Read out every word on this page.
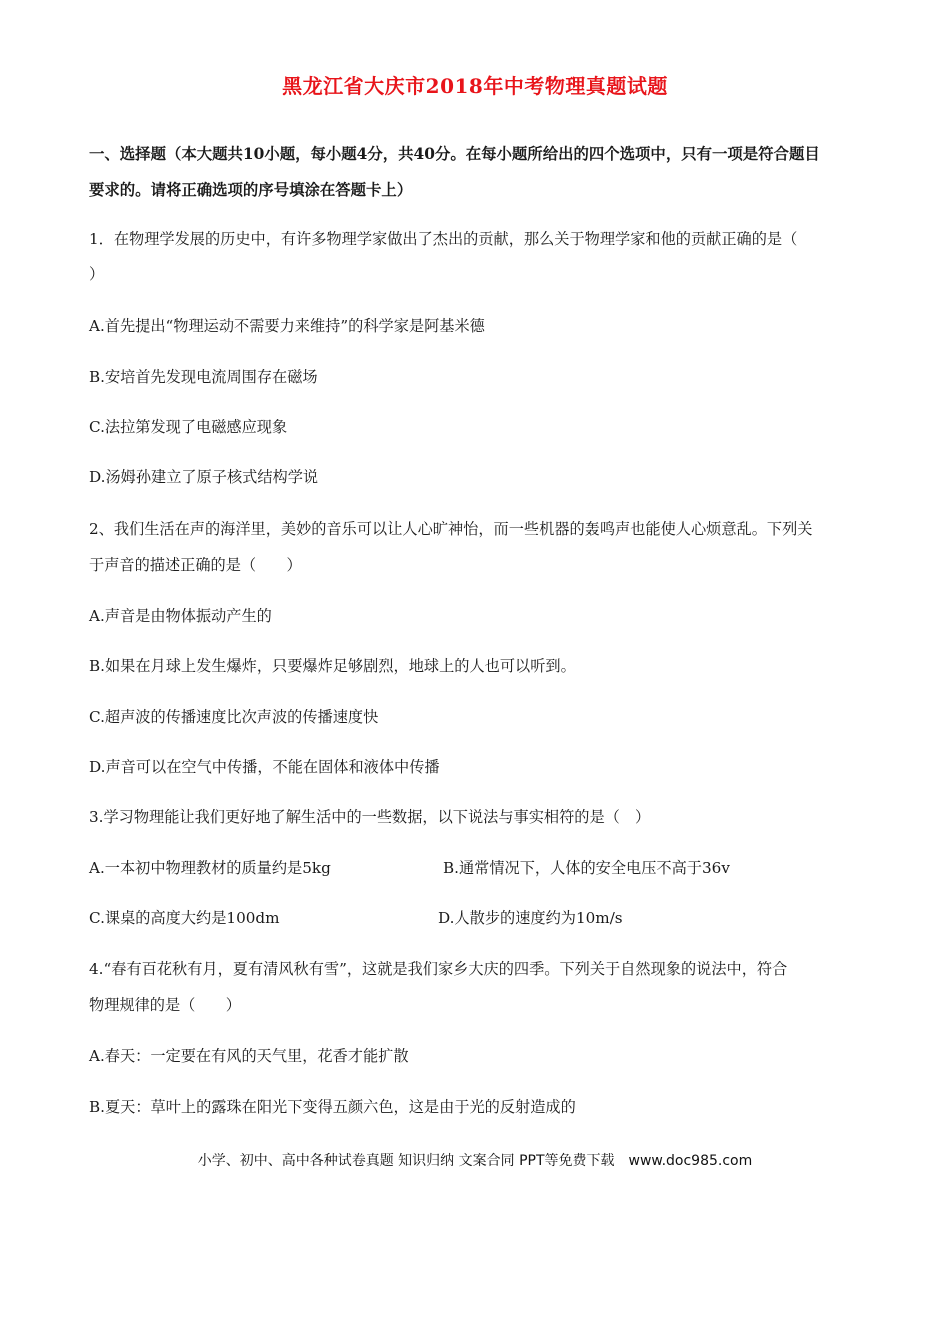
黑龙江省大庆市2018年中考物理真题试题
一、选择题（本大题共10小题，每小题4分，共40分。在每小题所给出的四个选项中，只有一项是符合题目
要求的。请将正确选项的序号填涂在答题卡上）
1．在物理学发展的历史中，有许多物理学家做出了杰出的贡献，那么关于物理学家和他的贡献正确的是（
）
A.首先提出“物理运动不需要力来维持”的科学家是阿基米德
B.安培首先发现电流周围存在磁场
C.法拉第发现了电磁感应现象
D.汤姆孙建立了原子核式结构学说
2、我们生活在声的海洋里，美妙的音乐可以让人心旷神怡，而一些机器的轰鸣声也能使人心烦意乱。下列关
于声音的描述正确的是（　　）
A.声音是由物体振动产生的
B.如果在月球上发生爆炸，只要爆炸足够剧烈，地球上的人也可以听到。
C.超声波的传播速度比次声波的传播速度快
D.声音可以在空气中传播，不能在固体和液体中传播
3.学习物理能让我们更好地了解生活中的一些数据，以下说法与事实相符的是（　）
A.一本初中物理教材的质量约是5kg	B.通常情况下，人体的安全电压不高于36v
C.课桌的高度大约是100dm	D.人散步的速度约为10m/s
4.“春有百花秋有月，夏有清风秋有雪”，这就是我们家乡大庆的四季。下列关于自然现象的说法中，符合
物理规律的是（　　）
A.春天：一定要在有风的天气里，花香才能扩散
B.夏天：草叶上的露珠在阳光下变得五颜六色，这是由于光的反射造成的
小学、初中、高中各种试卷真题 知识归纳 文案合同 PPT等免费下载　www.doc985.com
